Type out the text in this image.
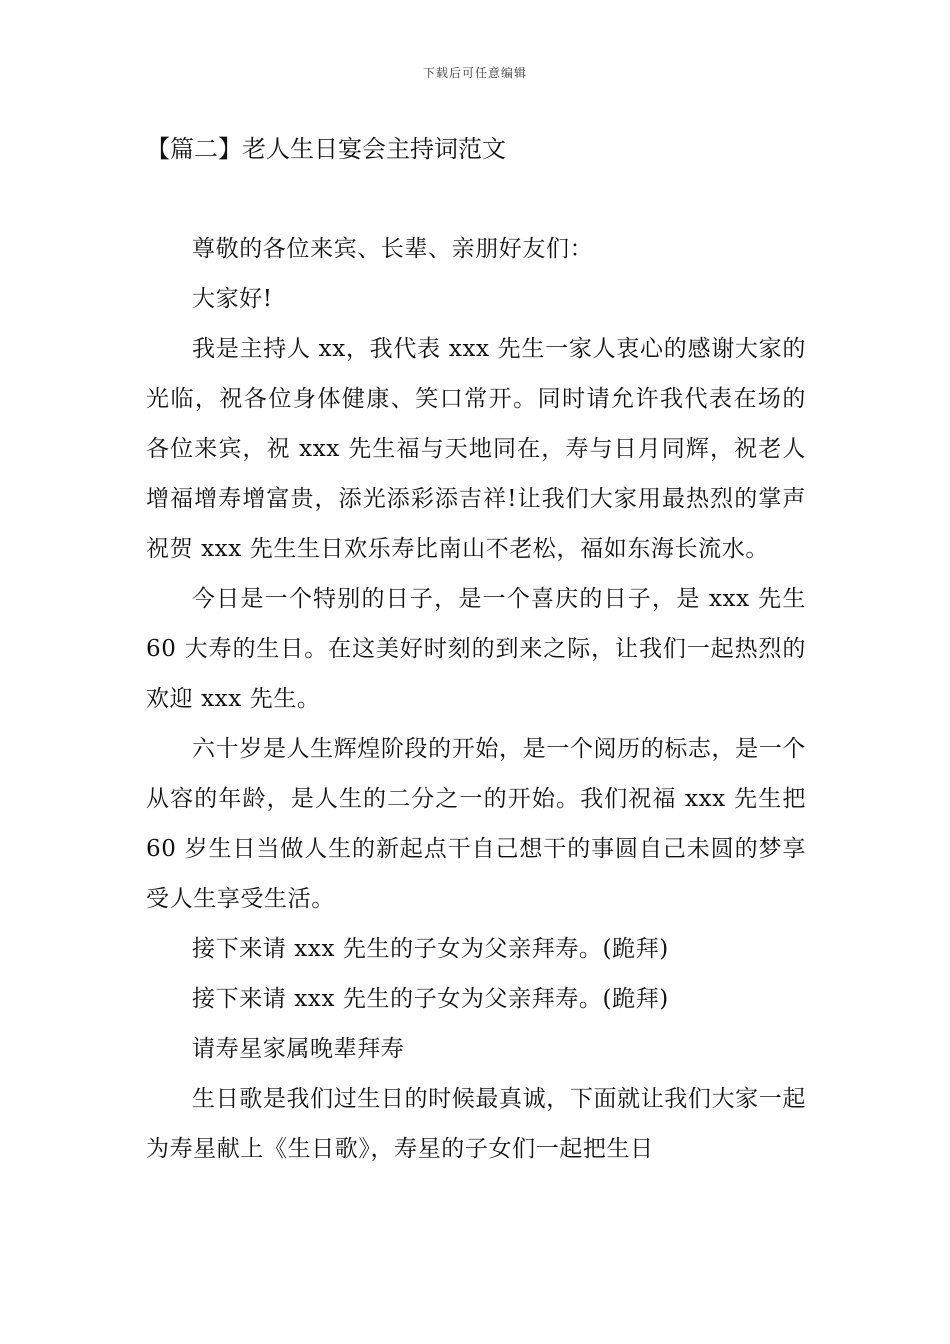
下载后可任意编辑
【篇二】老人生日宴会主持词范文

尊敬的各位来宾、长辈、亲朋好友们：

大家好!

我是主持人 xx，我代表 xxx 先生一家人衷心的感谢大家的光临，祝各位身体健康、笑口常开。同时请允许我代表在场的各位来宾，祝 xxx 先生福与天地同在，寿与日月同辉，祝老人增福增寿增富贵，添光添彩添吉祥!让我们大家用最热烈的掌声祝贺 xxx 先生生日欢乐寿比南山不老松，福如东海长流水。

今日是一个特别的日子，是一个喜庆的日子，是 xxx 先生 60 大寿的生日。在这美好时刻的到来之际，让我们一起热烈的欢迎 xxx 先生。

六十岁是人生辉煌阶段的开始，是一个阅历的标志，是一个从容的年龄，是人生的二分之一的开始。我们祝福 xxx 先生把 60 岁生日当做人生的新起点干自己想干的事圆自己未圆的梦享受人生享受生活。

接下来请 xxx 先生的子女为父亲拜寿。(跪拜)

接下来请 xxx 先生的子女为父亲拜寿。(跪拜)

请寿星家属晚辈拜寿

生日歌是我们过生日的时候最真诚，下面就让我们大家一起为寿星献上《生日歌》，寿星的子女们一起把生日
